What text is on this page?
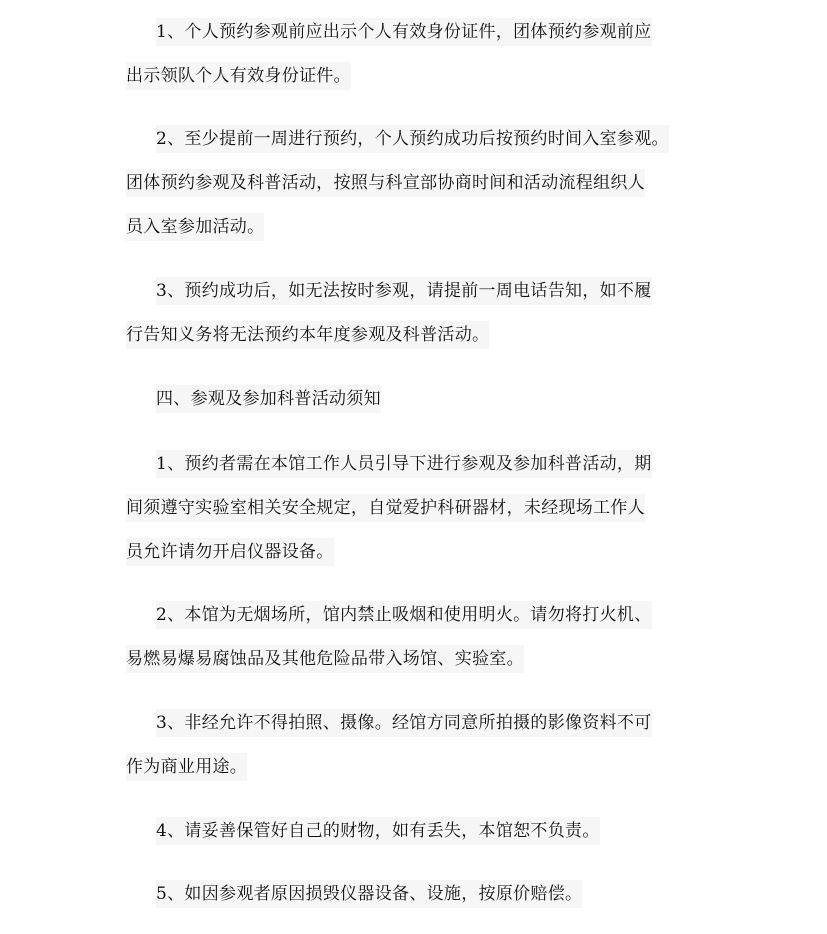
1、个人预约参观前应出示个人有效身份证件，团体预约参观前应
出示领队个人有效身份证件。
2、至少提前一周进行预约，个人预约成功后按预约时间入室参观。
团体预约参观及科普活动，按照与科宣部协商时间和活动流程组织人
员入室参加活动。
3、预约成功后，如无法按时参观，请提前一周电话告知，如不履
行告知义务将无法预约本年度参观及科普活动。
四、参观及参加科普活动须知
1、预约者需在本馆工作人员引导下进行参观及参加科普活动，期
间须遵守实验室相关安全规定，自觉爱护科研器材，未经现场工作人
员允许请勿开启仪器设备。
2、本馆为无烟场所，馆内禁止吸烟和使用明火。请勿将打火机、
易燃易爆易腐蚀品及其他危险品带入场馆、实验室。
3、非经允许不得拍照、摄像。经馆方同意所拍摄的影像资料不可
作为商业用途。
4、请妥善保管好自己的财物，如有丢失，本馆恕不负责。
5、如因参观者原因损毁仪器设备、设施，按原价赔偿。
